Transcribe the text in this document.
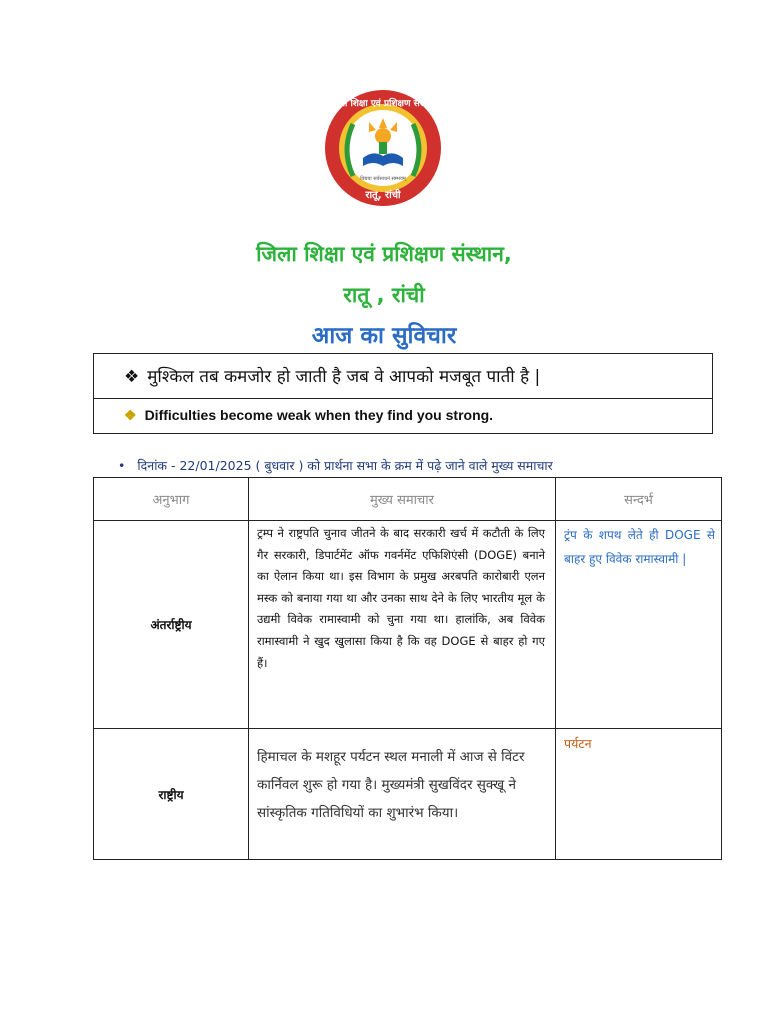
जिला शिक्षा एवं प्रशिक्षण संस्थान
विद्यया सर्वसाधनं सम्भवम्
रातू, रांची
जिला शिक्षा एवं प्रशिक्षण संस्थान,
रातू , रांची
आज का सुविचार
❖ मुश्किल तब कमजोर हो जाती है जब वे आपको मजबूत पाती है |
❖ Difficulties become weak when they find you strong.
• दिनांक - 22/01/2025 ( बुधवार ) को प्रार्थना सभा के क्रम में पढ़े जाने वाले मुख्य समाचार
अनुभाग	मुख्य समाचार	सन्दर्भ
अंतर्राष्ट्रीय	ट्रम्प ने राष्ट्रपति चुनाव जीतने के बाद सरकारी खर्च में कटौती के लिए गैर सरकारी, डिपार्टमेंट ऑफ गवर्नमेंट एफिशिएंसी (DOGE) बनाने का ऐलान किया था। इस विभाग के प्रमुख अरबपति कारोबारी एलन मस्क को बनाया गया था और उनका साथ देने के लिए भारतीय मूल के उद्यमी विवेक रामास्वामी को चुना गया था। हालांकि, अब विवेक रामास्वामी ने खुद खुलासा किया है कि वह DOGE से बाहर हो गए हैं।	ट्रंप के शपथ लेते ही DOGE से बाहर हुए विवेक रामास्वामी |
राष्ट्रीय	हिमाचल के मशहूर पर्यटन स्थल मनाली में आज से विंटर कार्निवल शुरू हो गया है। मुख्यमंत्री सुखविंदर सुक्खू ने सांस्कृतिक गतिविधियों का शुभारंभ किया।	पर्यटन
